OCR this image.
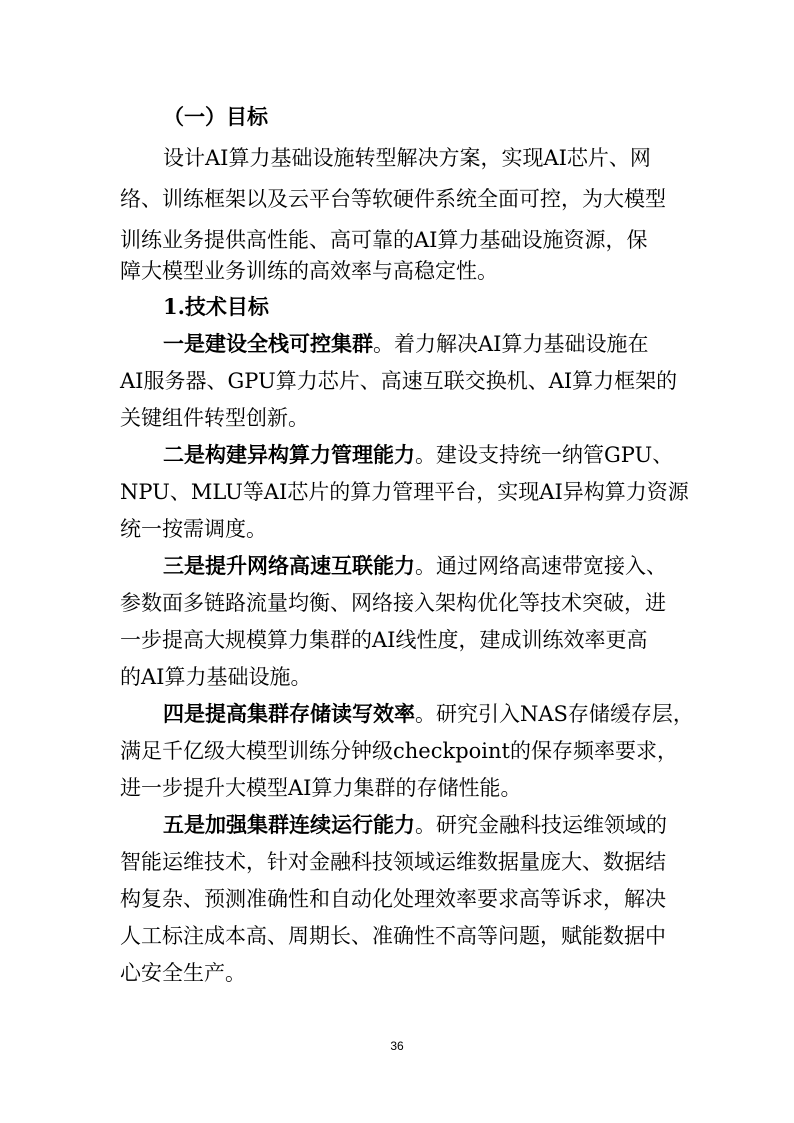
（一）目标
设计AI算力基础设施转型解决方案，实现AI芯片、网
络、训练框架以及云平台等软硬件系统全面可控，为大模型
训练业务提供高性能、高可靠的AI算力基础设施资源，保
障大模型业务训练的高效率与高稳定性。
1.技术目标
一是建设全栈可控集群。着力解决AI算力基础设施在
AI服务器、GPU算力芯片、高速互联交换机、AI算力框架的
关键组件转型创新。
二是构建异构算力管理能力。建设支持统一纳管GPU、
NPU、MLU等AI芯片的算力管理平台，实现AI异构算力资源
统一按需调度。
三是提升网络高速互联能力。通过网络高速带宽接入、
参数面多链路流量均衡、网络接入架构优化等技术突破，进
一步提高大规模算力集群的AI线性度，建成训练效率更高
的AI算力基础设施。
四是提高集群存储读写效率。研究引入NAS存储缓存层，
满足千亿级大模型训练分钟级checkpoint的保存频率要求，
进一步提升大模型AI算力集群的存储性能。
五是加强集群连续运行能力。研究金融科技运维领域的
智能运维技术，针对金融科技领域运维数据量庞大、数据结
构复杂、预测准确性和自动化处理效率要求高等诉求，解决
人工标注成本高、周期长、准确性不高等问题，赋能数据中
心安全生产。
36
